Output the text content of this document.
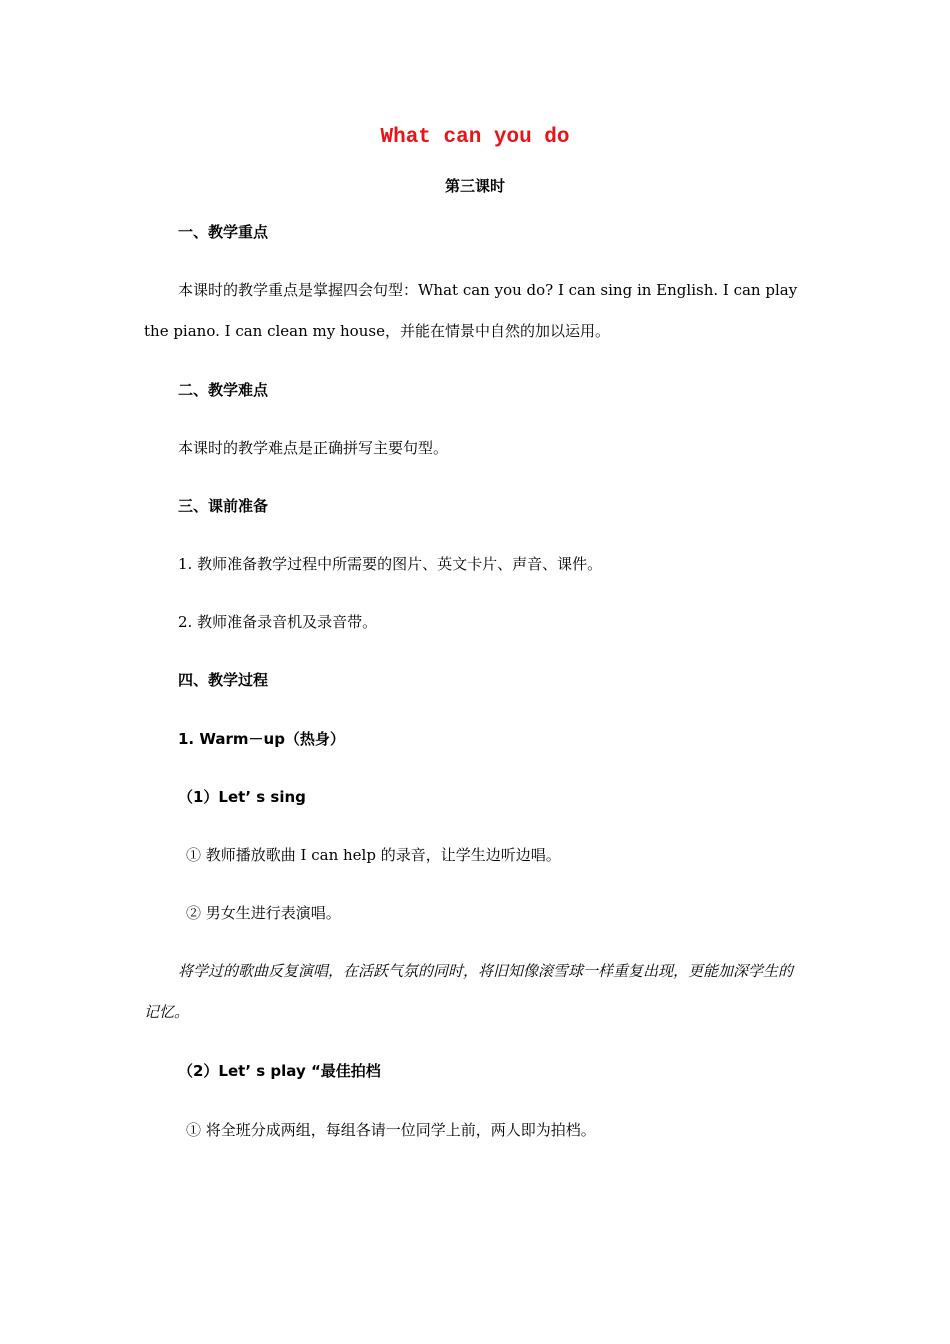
What can you do
第三课时
一、教学重点
本课时的教学重点是掌握四会句型：What can you do? I can sing in English. I can play the piano. I can clean my house，并能在情景中自然的加以运用。
二、教学难点
本课时的教学难点是正确拼写主要句型。
三、课前准备
1. 教师准备教学过程中所需要的图片、英文卡片、声音、课件。
2. 教师准备录音机及录音带。
四、教学过程
1. Warm－up（热身）
（1）Let’ s sing
① 教师播放歌曲 I can help 的录音，让学生边听边唱。
② 男女生进行表演唱。
将学过的歌曲反复演唱，在活跃气氛的同时，将旧知像滚雪球一样重复出现，更能加深学生的记忆。
（2）Let’ s play “最佳拍档
① 将全班分成两组，每组各请一位同学上前，两人即为拍档。
